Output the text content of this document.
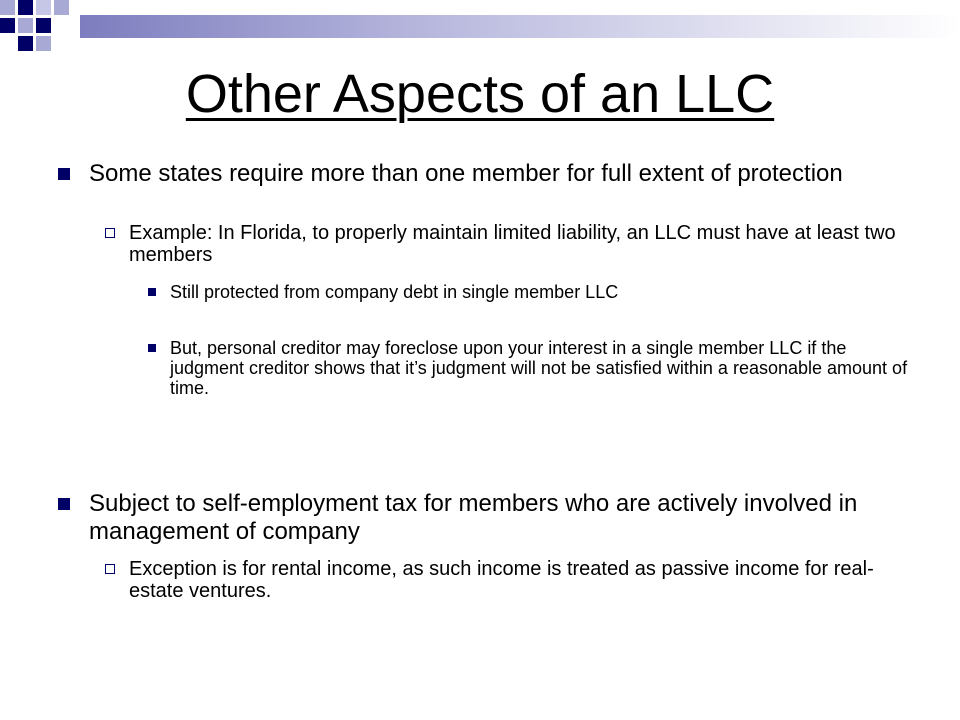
Other Aspects of an LLC
Some states require more than one member for full extent of protection
Example: In Florida, to properly maintain limited liability, an LLC must have at least two members
Still protected from company debt in single member LLC
But, personal creditor may foreclose upon your interest in a single member LLC if the judgment creditor shows that it’s judgment will not be satisfied within a reasonable amount of time.
Subject to self-employment tax for members who are actively involved in management of company
Exception is for rental income, as such income is treated as passive income for real-estate ventures.
